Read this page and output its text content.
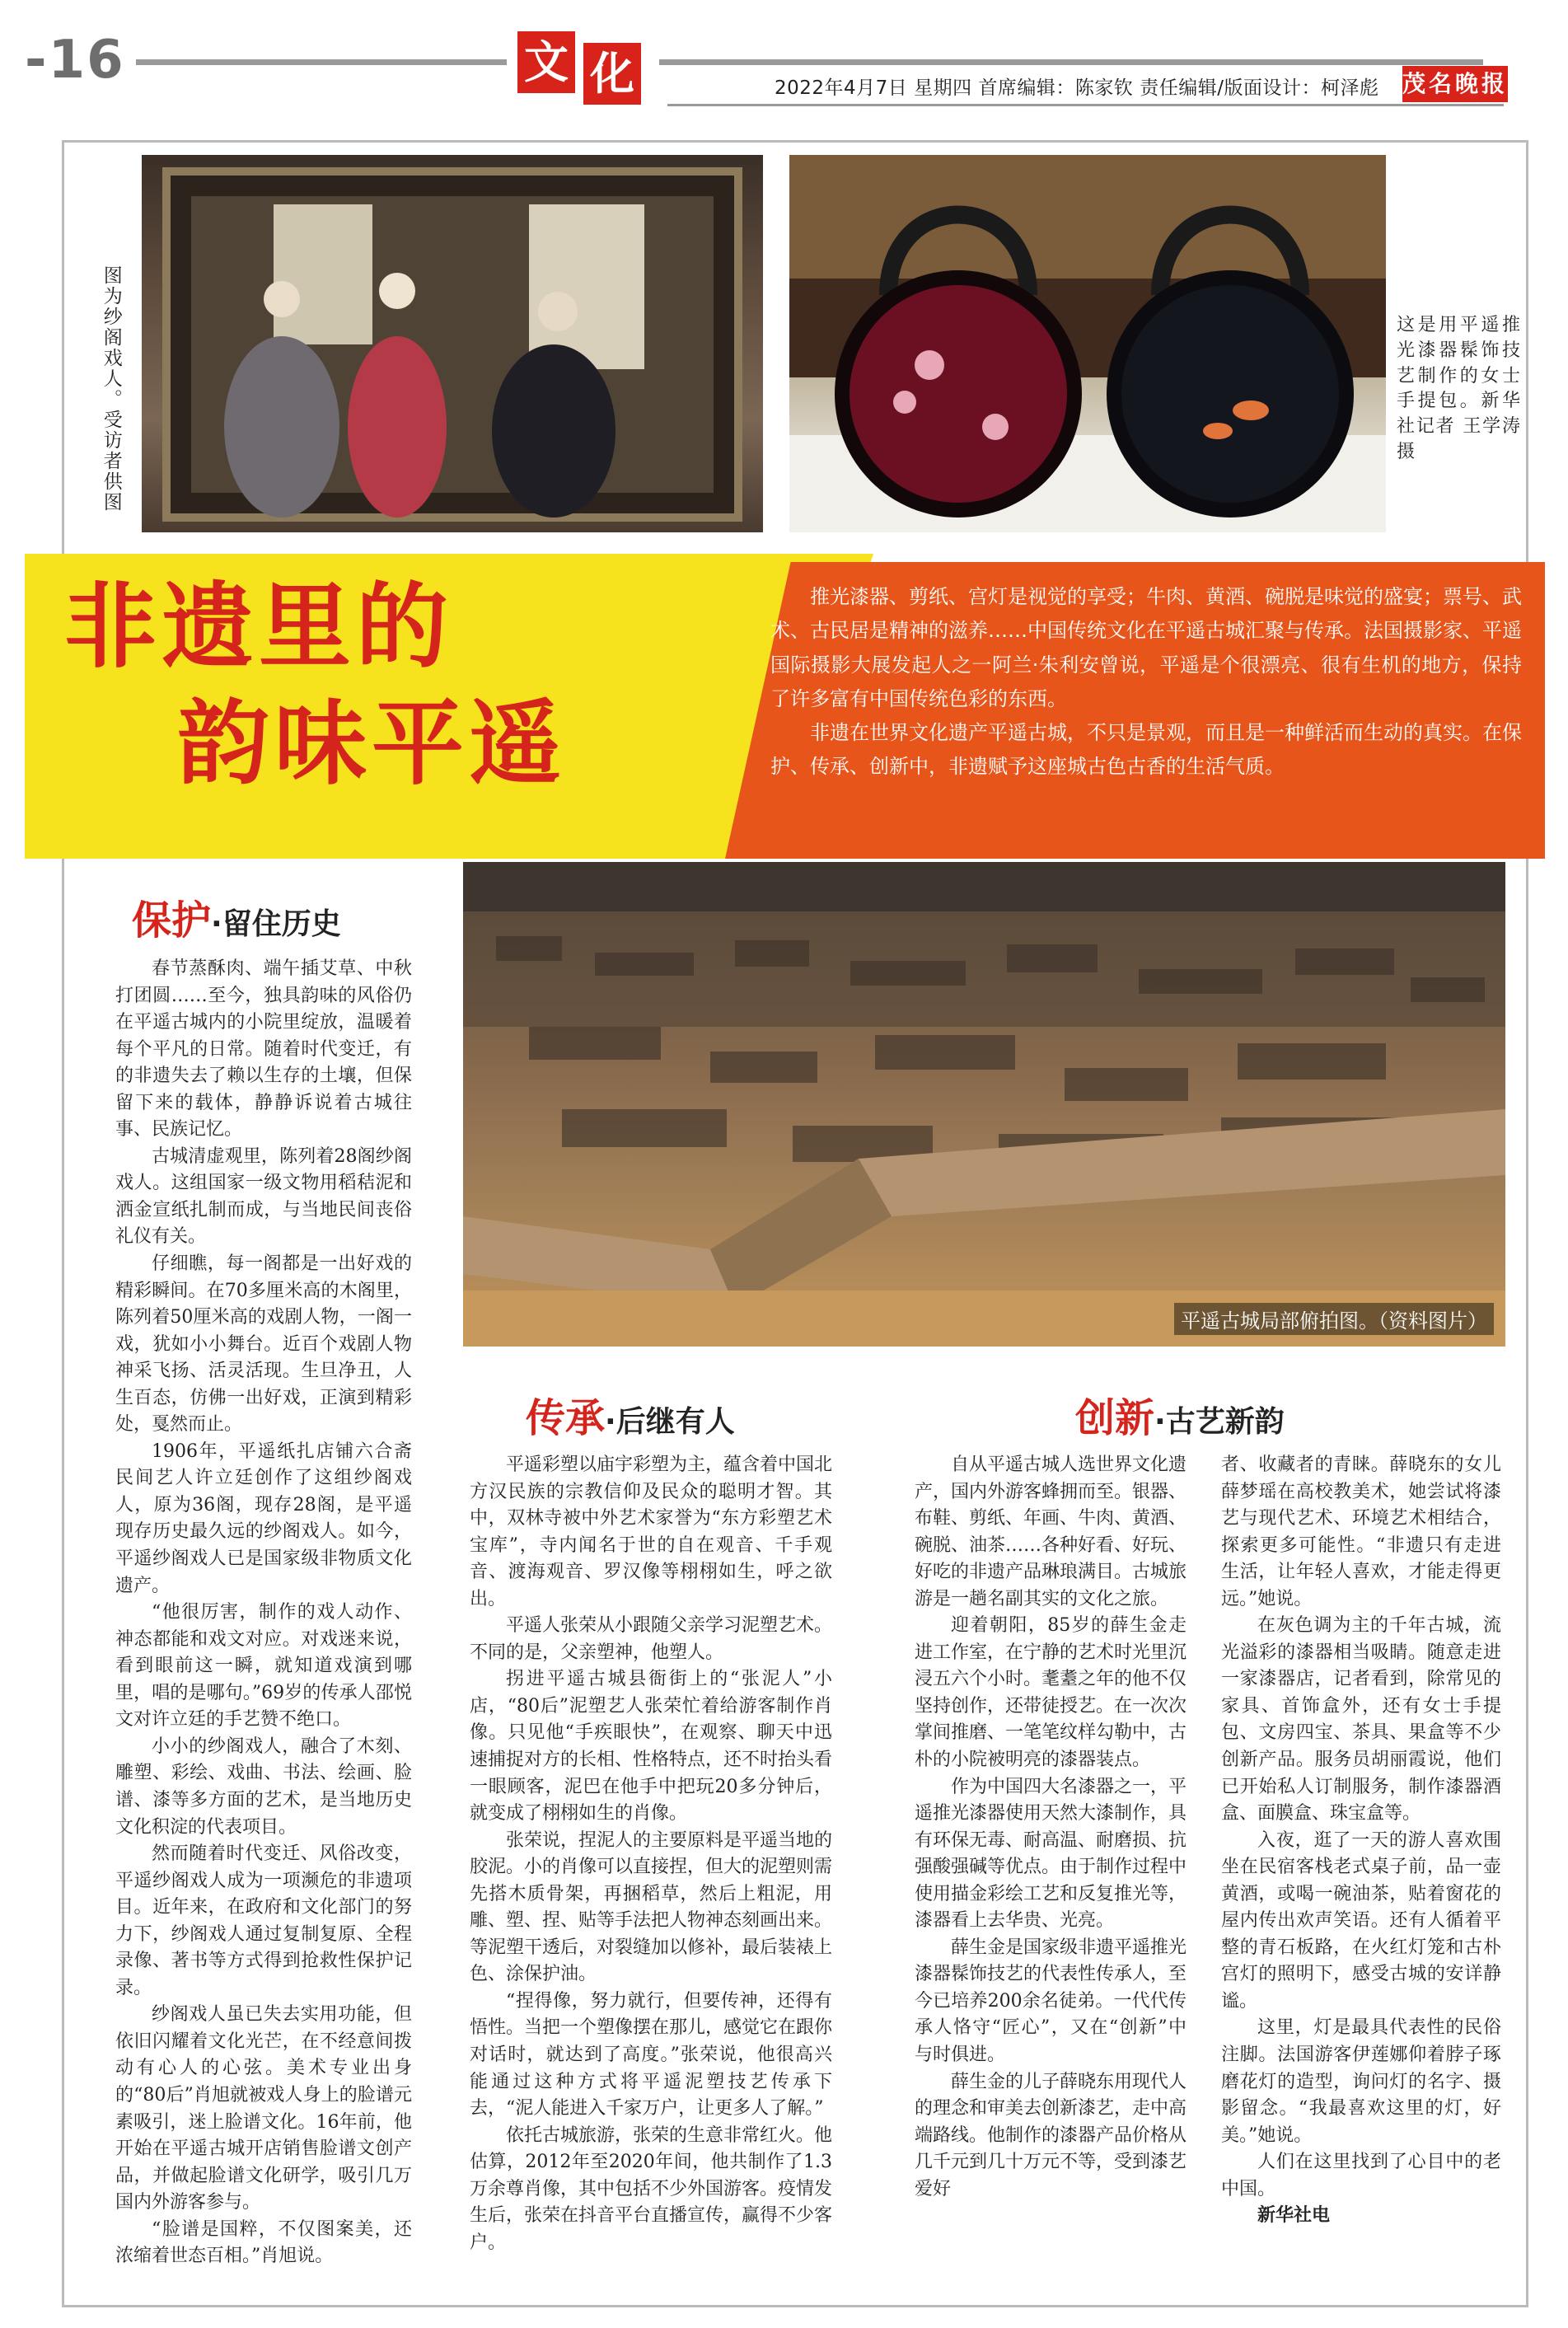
-16	文 化	2022年4月7日 星期四 首席编辑：陈家钦 责任编辑/版面设计：柯泽彪 茂名晚报
图为纱阁戏人。受访者供图	这是用平遥推光漆器髹饰技艺制作的女士手提包。新华社记者 王学涛 摄
非遗里的
韵味平遥

推光漆器、剪纸、宫灯是视觉的享受；牛肉、黄酒、碗脱是味觉的盛宴；票号、武术、古民居是精神的滋养……中国传统文化在平遥古城汇聚与传承。法国摄影家、平遥国际摄影大展发起人之一阿兰·朱利安曾说，平遥是个很漂亮、很有生机的地方，保持了许多富有中国传统色彩的东西。

非遗在世界文化遗产平遥古城，不只是景观，而且是一种鲜活而生动的真实。在保护、传承、创新中，非遗赋予这座城古色古香的生活气质。

保护·留住历史

春节蒸酥肉、端午插艾草、中秋打团圆……至今，独具韵味的风俗仍在平遥古城内的小院里绽放，温暖着每个平凡的日常。随着时代变迁，有的非遗失去了赖以生存的土壤，但保留下来的载体，静静诉说着古城往事、民族记忆。

古城清虚观里，陈列着28阁纱阁戏人。这组国家一级文物用稻秸泥和洒金宣纸扎制而成，与当地民间丧俗礼仪有关。

仔细瞧，每一阁都是一出好戏的精彩瞬间。在70多厘米高的木阁里，陈列着50厘米高的戏剧人物，一阁一戏，犹如小小舞台。近百个戏剧人物神采飞扬、活灵活现。生旦净丑，人生百态，仿佛一出好戏，正演到精彩处，戛然而止。

1906年，平遥纸扎店铺六合斋民间艺人许立廷创作了这组纱阁戏人，原为36阁，现存28阁，是平遥现存历史最久远的纱阁戏人。如今，平遥纱阁戏人已是国家级非物质文化遗产。

“他很厉害，制作的戏人动作、神态都能和戏文对应。对戏迷来说，看到眼前这一瞬，就知道戏演到哪里，唱的是哪句。”69岁的传承人邵悦文对许立廷的手艺赞不绝口。

小小的纱阁戏人，融合了木刻、雕塑、彩绘、戏曲、书法、绘画、脸谱、漆等多方面的艺术，是当地历史文化积淀的代表项目。

然而随着时代变迁、风俗改变，平遥纱阁戏人成为一项濒危的非遗项目。近年来，在政府和文化部门的努力下，纱阁戏人通过复制复原、全程录像、著书等方式得到抢救性保护记录。

纱阁戏人虽已失去实用功能，但依旧闪耀着文化光芒，在不经意间拨动有心人的心弦。美术专业出身的“80后”肖旭就被戏人身上的脸谱元素吸引，迷上脸谱文化。16年前，他开始在平遥古城开店销售脸谱文创产品，并做起脸谱文化研学，吸引几万国内外游客参与。

“脸谱是国粹，不仅图案美，还浓缩着世态百相。”肖旭说。

平遥古城局部俯拍图。（资料图片）
传承·后继有人

平遥彩塑以庙宇彩塑为主，蕴含着中国北方汉民族的宗教信仰及民众的聪明才智。其中，双林寺被中外艺术家誉为“东方彩塑艺术宝库”，寺内闻名于世的自在观音、千手观音、渡海观音、罗汉像等栩栩如生，呼之欲出。

平遥人张荣从小跟随父亲学习泥塑艺术。不同的是，父亲塑神，他塑人。

拐进平遥古城县衙街上的“张泥人”小店，“80后”泥塑艺人张荣忙着给游客制作肖像。只见他“手疾眼快”，在观察、聊天中迅速捕捉对方的长相、性格特点，还不时抬头看一眼顾客，泥巴在他手中把玩20多分钟后，就变成了栩栩如生的肖像。

张荣说，捏泥人的主要原料是平遥当地的胶泥。小的肖像可以直接捏，但大的泥塑则需先搭木质骨架，再捆稻草，然后上粗泥，用雕、塑、捏、贴等手法把人物神态刻画出来。等泥塑干透后，对裂缝加以修补，最后装裱上色、涂保护油。

“捏得像，努力就行，但要传神，还得有悟性。当把一个塑像摆在那儿，感觉它在跟你对话时，就达到了高度。”张荣说，他很高兴能通过这种方式将平遥泥塑技艺传承下去，“泥人能进入千家万户，让更多人了解。”

依托古城旅游，张荣的生意非常红火。他估算，2012年至2020年间，他共制作了1.3万余尊肖像，其中包括不少外国游客。疫情发生后，张荣在抖音平台直播宣传，赢得不少客户。

创新·古艺新韵

自从平遥古城人选世界文化遗产，国内外游客蜂拥而至。银器、布鞋、剪纸、年画、牛肉、黄酒、碗脱、油茶……各种好看、好玩、好吃的非遗产品琳琅满目。古城旅游是一趟名副其实的文化之旅。

迎着朝阳，85岁的薛生金走进工作室，在宁静的艺术时光里沉浸五六个小时。耄耋之年的他不仅坚持创作，还带徒授艺。在一次次掌间推磨、一笔笔纹样勾勒中，古朴的小院被明亮的漆器装点。

作为中国四大名漆器之一，平遥推光漆器使用天然大漆制作，具有环保无毒、耐高温、耐磨损、抗强酸强碱等优点。由于制作过程中使用描金彩绘工艺和反复推光等，漆器看上去华贵、光亮。

薛生金是国家级非遗平遥推光漆器髹饰技艺的代表性传承人，至今已培养200余名徒弟。一代代传承人恪守“匠心”，又在“创新”中与时俱进。

薛生金的儿子薛晓东用现代人的理念和审美去创新漆艺，走中高端路线。他制作的漆器产品价格从几千元到几十万元不等，受到漆艺爱好

者、收藏者的青睐。薛晓东的女儿薛梦瑶在高校教美术，她尝试将漆艺与现代艺术、环境艺术相结合，探索更多可能性。“非遗只有走进生活，让年轻人喜欢，才能走得更远。”她说。

在灰色调为主的千年古城，流光溢彩的漆器相当吸睛。随意走进一家漆器店，记者看到，除常见的家具、首饰盒外，还有女士手提包、文房四宝、茶具、果盒等不少创新产品。服务员胡丽霞说，他们已开始私人订制服务，制作漆器酒盒、面膜盒、珠宝盒等。

入夜，逛了一天的游人喜欢围坐在民宿客栈老式桌子前，品一壶黄酒，或喝一碗油茶，贴着窗花的屋内传出欢声笑语。还有人循着平整的青石板路，在火红灯笼和古朴宫灯的照明下，感受古城的安详静谧。

这里，灯是最具代表性的民俗注脚。法国游客伊莲娜仰着脖子琢磨花灯的造型，询问灯的名字、摄影留念。“我最喜欢这里的灯，好美。”她说。

人们在这里找到了心目中的老中国。

新华社电
